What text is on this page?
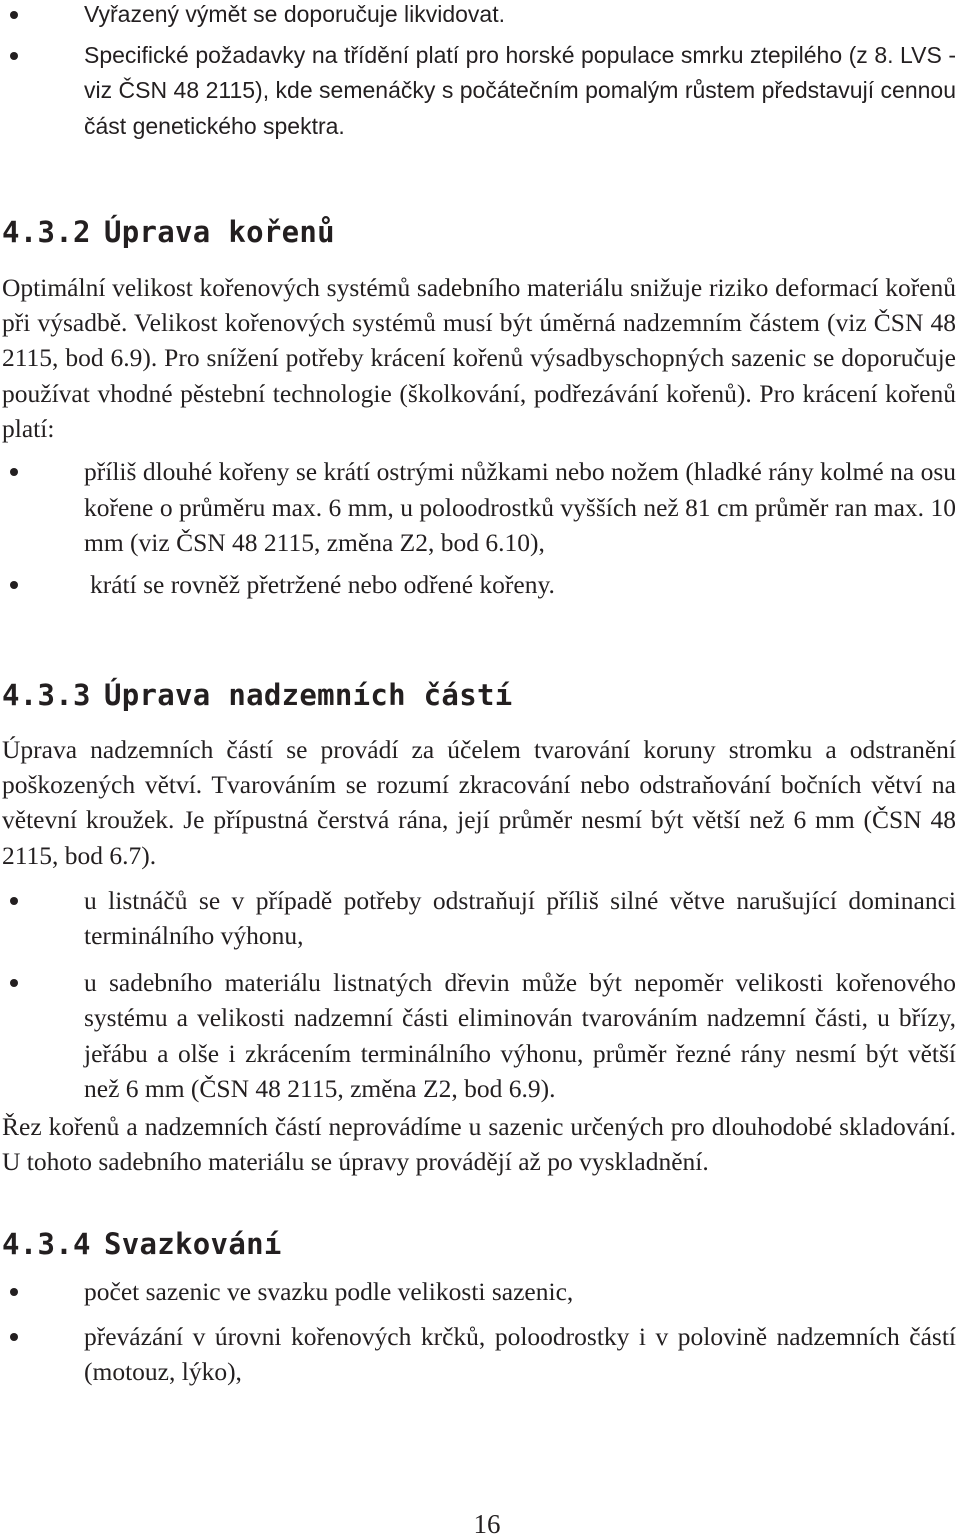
Vyřazený výmět se doporučuje likvidovat.
Specifické požadavky na třídění platí pro horské populace smrku ztepilého (z 8. LVS - viz ČSN 48 2115), kde semenáčky s počátečním pomalým růstem představují cennou část genetického spektra.
4.3.2 Úprava kořenů

Optimální velikost kořenových systémů sadebního materiálu snižuje riziko deformací kořenů při výsadbě. Velikost kořenových systémů musí být úměrná nadzemním částem (viz ČSN 48 2115, bod 6.9). Pro snížení potřeby krácení kořenů výsadbyschopných sazenic se doporučuje používat vhodné pěstební technologie (školkování, podřezávání kořenů). Pro krácení kořenů platí:

příliš dlouhé kořeny se krátí ostrými nůžkami nebo nožem (hladké rány kolmé na osu kořene o průměru max. 6 mm, u poloodrostků vyšších než 81 cm průměr ran max. 10 mm (viz ČSN 48 2115, změna Z2, bod 6.10),
krátí se rovněž přetržené nebo odřené kořeny.
4.3.3 Úprava nadzemních částí

Úprava nadzemních částí se provádí za účelem tvarování koruny stromku a odstranění poškozených větví. Tvarováním se rozumí zkracování nebo odstraňování bočních větví na větevní kroužek. Je přípustná čerstvá rána, její průměr nesmí být větší než 6 mm (ČSN 48 2115, bod 6.7).

u listnáčů se v případě potřeby odstraňují příliš silné větve narušující dominanci terminálního výhonu,
u sadebního materiálu listnatých dřevin může být nepoměr velikosti kořenového systému a velikosti nadzemní části eliminován tvarováním nadzemní části, u břízy, jeřábu a olše i zkrácením terminálního výhonu, průměr řezné rány nesmí být větší než 6 mm (ČSN 48 2115, změna Z2, bod 6.9).

Řez kořenů a nadzemních částí neprovádíme u sazenic určených pro dlouhodobé skladování. U tohoto sadebního materiálu se úpravy provádějí až po vyskladnění.

4.3.4 Svazkování
počet sazenic ve svazku podle velikosti sazenic,
převázání v úrovni kořenových krčků, poloodrostky i v polovině nadzemních částí (motouz, lýko),
16
